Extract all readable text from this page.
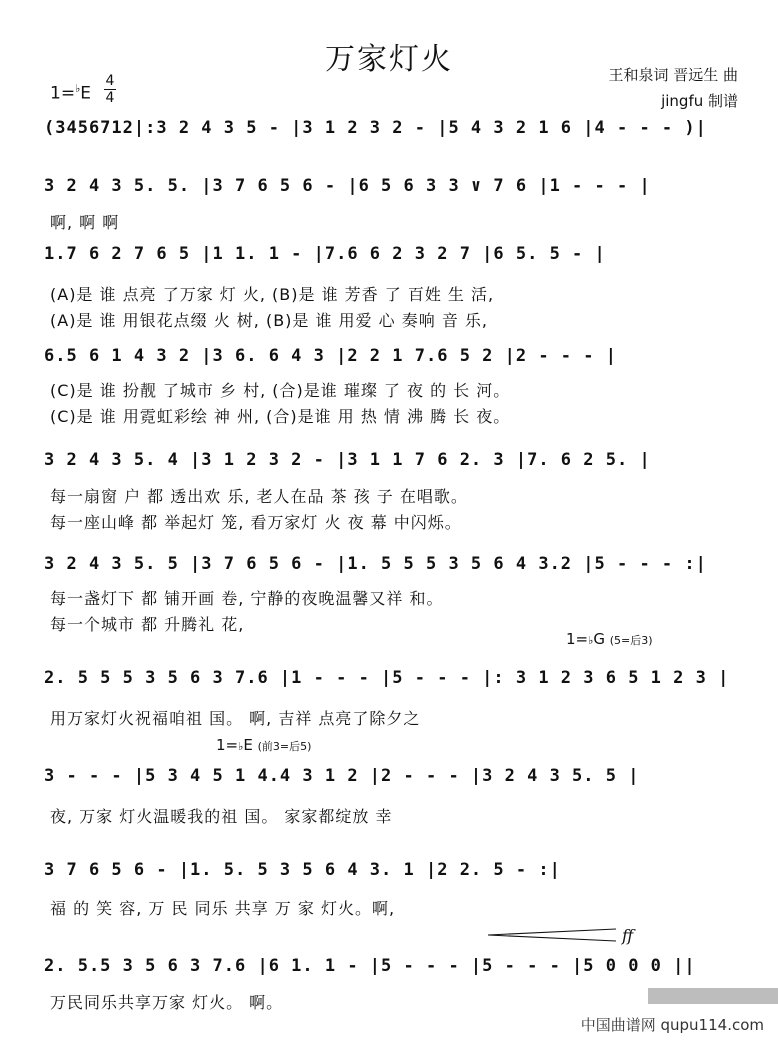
万家灯火	王和泉词 晋远生 曲
jingfu 制谱
1=♭E
4
4
(3456712|:3 2 4 3 5 - |3 1 2 3 2 - |5 4 3 2 1 6 |4 - - - )|
3 2 4 3 5. 5. |3 7 6 5 6 - |6 5 6 3 3 ∨ 7 6 |1 - - - |
啊, 啊 啊
1.7 6 2 7 6 5 |1 1. 1 - |7.6 6 2 3 2 7 |6 5. 5 - |
(A)是 谁 点亮 了万家 灯 火, (B)是 谁 芳香 了 百姓 生 活,
(A)是 谁 用银花点缀 火 树, (B)是 谁 用爱 心 奏响 音 乐,
6.5 6 1 4 3 2 |3 6. 6 4 3 |2 2 1 7.6 5 2 |2 - - - |
(C)是 谁 扮靓 了城市 乡 村, (合)是谁 璀璨 了 夜 的 长 河。
(C)是 谁 用霓虹彩绘 神 州, (合)是谁 用 热 情 沸 腾 长 夜。
3 2 4 3 5. 4 |3 1 2 3 2 - |3 1 1 7 6 2. 3 |7. 6 2 5. |
每一扇窗 户 都 透出欢 乐, 老人在品 茶 孩 子 在唱歌。
每一座山峰 都 举起灯 笼, 看万家灯 火 夜 幕 中闪烁。
3 2 4 3 5. 5 |3 7 6 5 6 - |1. 5 5 5 3 5 6 4 3.2 |5 - - - :|
每一盏灯下 都 铺开画 卷, 宁静的夜晚温馨又祥 和。
每一个城市 都 升腾礼 花,
1=♭G (5=后3)
2. 5 5 5 3 5 6 3 7.6 |1 - - - |5 - - - |: 3 1 2 3 6 5 1 2 3 |
用万家灯火祝福咱祖 国。 啊, 吉祥 点亮了除夕之
1=♭E (前3=后5)
3 - - - |5 3 4 5 1 4.4 3 1 2 |2 - - - |3 2 4 3 5. 5 |
夜, 万家 灯火温暖我的祖 国。 家家都绽放 幸
3 7 6 5 6 - |1. 5. 5 3 5 6 4 3. 1 |2 2. 5 - :|
福 的 笑 容, 万 民 同乐 共享 万 家 灯火。啊,
ff
2. 5.5 3 5 6 3 7.6 |6 1. 1 - |5 - - - |5 - - - |5 0 0 0 ||
万民同乐共享万家 灯火。 啊。
中国曲谱网 qupu114.com
